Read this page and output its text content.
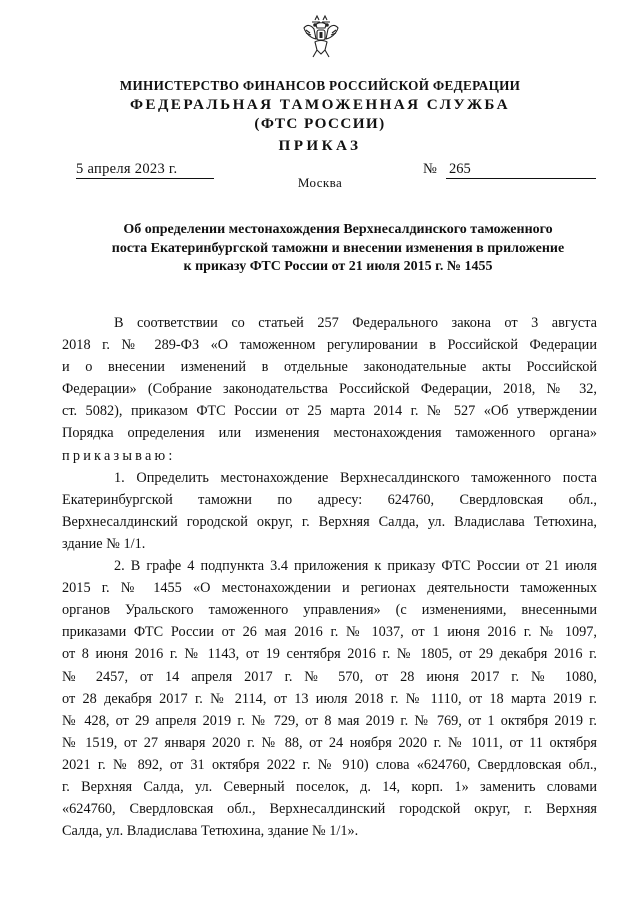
МИНИСТЕРСТВО ФИНАНСОВ РОССИЙСКОЙ ФЕДЕРАЦИИ
ФЕДЕРАЛЬНАЯ ТАМОЖЕННАЯ СЛУЖБА
(ФТС РОССИИ)
ПРИКАЗ
5 апреля 2023 г.	№ 265
Москва
Об определении местонахождения Верхнесалдинского таможенного
поста Екатеринбургской таможни и внесении изменения в приложение
к приказу ФТС России от 21 июля 2015 г. № 1455
В соответствии со статьей 257 Федерального закона от 3 августа
2018 г. № 289-ФЗ «О таможенном регулировании в Российской Федерации
и о внесении изменений в отдельные законодательные акты Российской
Федерации» (Собрание законодательства Российской Федерации, 2018, № 32,
ст. 5082), приказом ФТС России от 25 марта 2014 г. № 527 «Об утверждении
Порядка определения или изменения местонахождения таможенного органа»
приказываю:
1. Определить местонахождение Верхнесалдинского таможенного поста
Екатеринбургской таможни по адресу: 624760, Свердловская обл.,
Верхнесалдинский городской округ, г. Верхняя Салда, ул. Владислава Тетюхина,
здание № 1/1.
2. В графе 4 подпункта 3.4 приложения к приказу ФТС России от 21 июля
2015 г. № 1455 «О местонахождении и регионах деятельности таможенных
органов Уральского таможенного управления» (с изменениями, внесенными
приказами ФТС России от 26 мая 2016 г. № 1037, от 1 июня 2016 г. № 1097,
от 8 июня 2016 г. № 1143, от 19 сентября 2016 г. № 1805, от 29 декабря 2016 г.
№ 2457, от 14 апреля 2017 г. № 570, от 28 июня 2017 г. № 1080,
от 28 декабря 2017 г. № 2114, от 13 июля 2018 г. № 1110, от 18 марта 2019 г.
№ 428, от 29 апреля 2019 г. № 729, от 8 мая 2019 г. № 769, от 1 октября 2019 г.
№ 1519, от 27 января 2020 г. № 88, от 24 ноября 2020 г. № 1011, от 11 октября
2021 г. № 892, от 31 октября 2022 г. № 910) слова «624760, Свердловская обл.,
г. Верхняя Салда, ул. Северный поселок, д. 14, корп. 1» заменить словами
«624760, Свердловская обл., Верхнесалдинский городской округ, г. Верхняя
Салда, ул. Владислава Тетюхина, здание № 1/1».
